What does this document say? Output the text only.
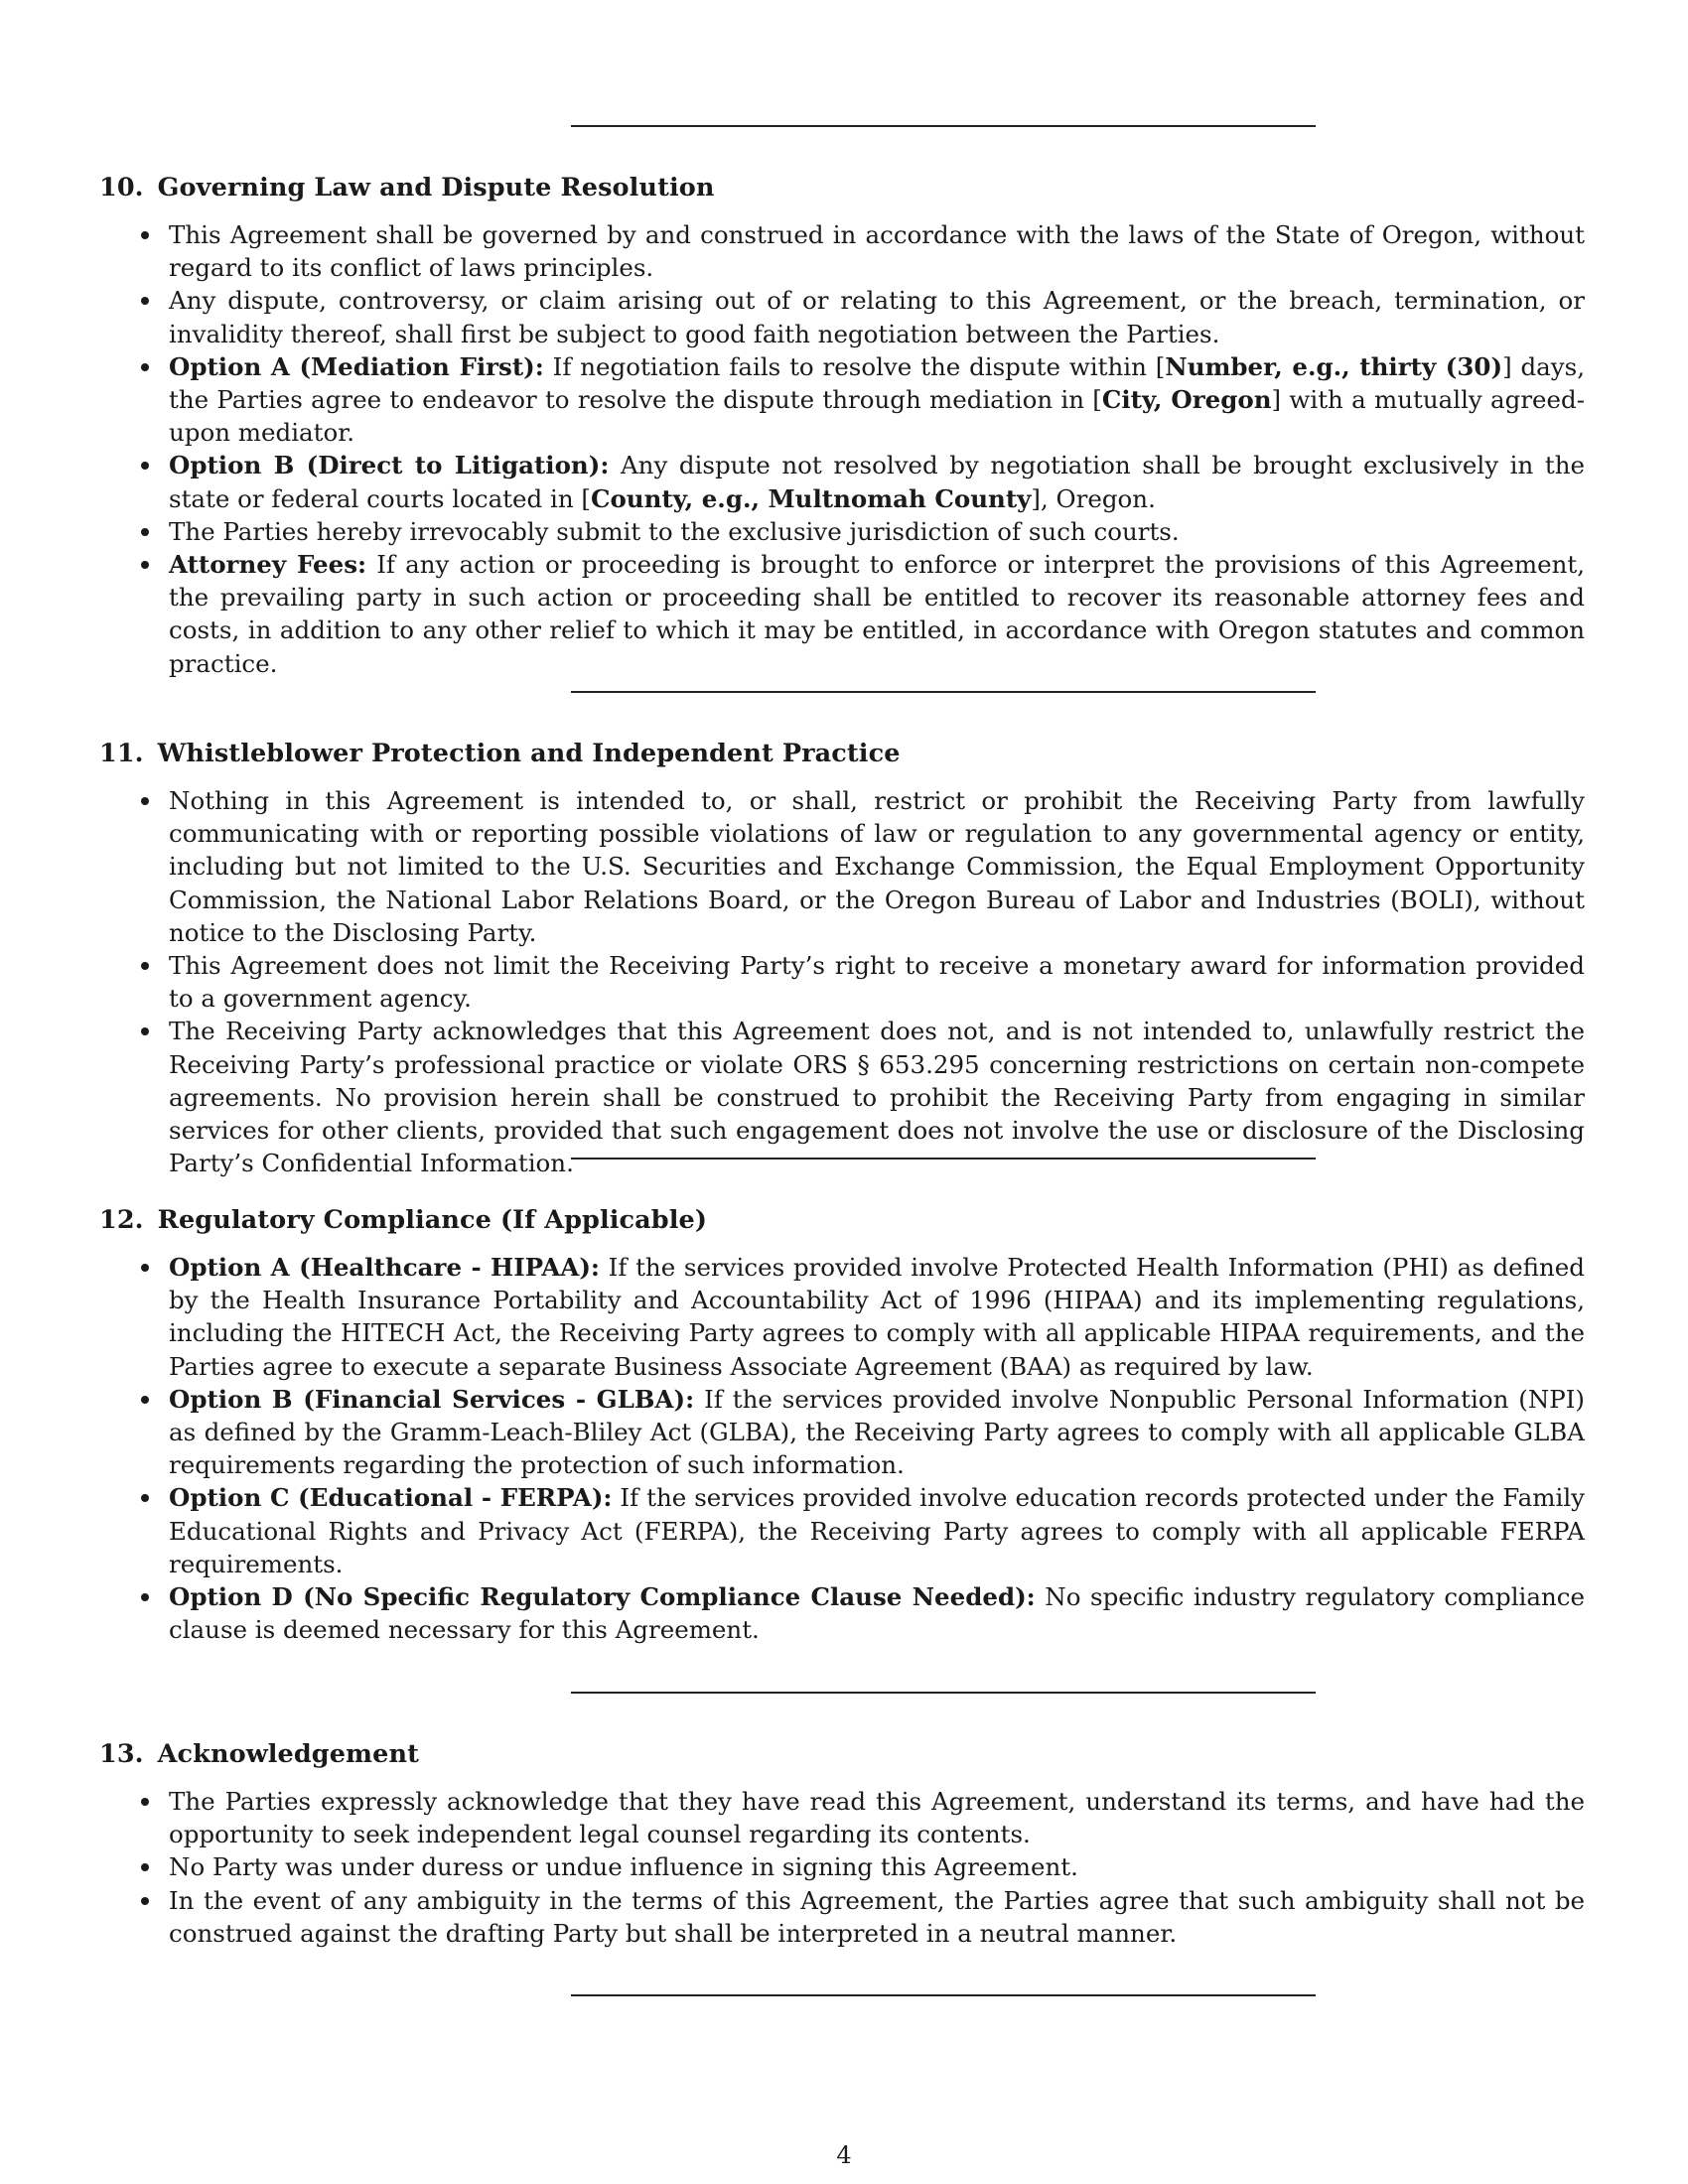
10. Governing Law and Dispute Resolution
This Agreement shall be governed by and construed in accordance with the laws of the State of Oregon, without regard to its conflict of laws principles.
Any dispute, controversy, or claim arising out of or relating to this Agreement, or the breach, termination, or invalidity thereof, shall first be subject to good faith negotiation between the Parties.
Option A (Mediation First): If negotiation fails to resolve the dispute within [Number, e.g., thirty (30)] days, the Parties agree to endeavor to resolve the dispute through mediation in [City, Oregon] with a mutually agreed-upon mediator.
Option B (Direct to Litigation): Any dispute not resolved by negotiation shall be brought exclusively in the state or federal courts located in [County, e.g., Multnomah County], Oregon.
The Parties hereby irrevocably submit to the exclusive jurisdiction of such courts.
Attorney Fees: If any action or proceeding is brought to enforce or interpret the provisions of this Agreement, the prevailing party in such action or proceeding shall be entitled to recover its reasonable attorney fees and costs, in addition to any other relief to which it may be entitled, in accordance with Oregon statutes and common practice.
11. Whistleblower Protection and Independent Practice
Nothing in this Agreement is intended to, or shall, restrict or prohibit the Receiving Party from lawfully communicating with or reporting possible violations of law or regulation to any governmental agency or entity, including but not limited to the U.S. Securities and Exchange Commission, the Equal Employment Opportunity Commission, the National Labor Relations Board, or the Oregon Bureau of Labor and Industries (BOLI), without notice to the Disclosing Party.
This Agreement does not limit the Receiving Party’s right to receive a monetary award for information provided to a government agency.
The Receiving Party acknowledges that this Agreement does not, and is not intended to, unlawfully restrict the Receiving Party’s professional practice or violate ORS § 653.295 concerning restrictions on certain non-compete agreements. No provision herein shall be construed to prohibit the Receiving Party from engaging in similar services for other clients, provided that such engagement does not involve the use or disclosure of the Disclosing Party’s Confidential Information.
12. Regulatory Compliance (If Applicable)
Option A (Healthcare - HIPAA): If the services provided involve Protected Health Information (PHI) as defined by the Health Insurance Portability and Accountability Act of 1996 (HIPAA) and its implementing regulations, including the HITECH Act, the Receiving Party agrees to comply with all applicable HIPAA requirements, and the Parties agree to execute a separate Business Associate Agreement (BAA) as required by law.
Option B (Financial Services - GLBA): If the services provided involve Nonpublic Personal Information (NPI) as defined by the Gramm-Leach-Bliley Act (GLBA), the Receiving Party agrees to comply with all applicable GLBA requirements regarding the protection of such information.
Option C (Educational - FERPA): If the services provided involve education records protected under the Family Educational Rights and Privacy Act (FERPA), the Receiving Party agrees to comply with all applicable FERPA requirements.
Option D (No Specific Regulatory Compliance Clause Needed): No specific industry regulatory compliance clause is deemed necessary for this Agreement.
13. Acknowledgement
The Parties expressly acknowledge that they have read this Agreement, understand its terms, and have had the opportunity to seek independent legal counsel regarding its contents.
No Party was under duress or undue influence in signing this Agreement.
In the event of any ambiguity in the terms of this Agreement, the Parties agree that such ambiguity shall not be construed against the drafting Party but shall be interpreted in a neutral manner.
4
